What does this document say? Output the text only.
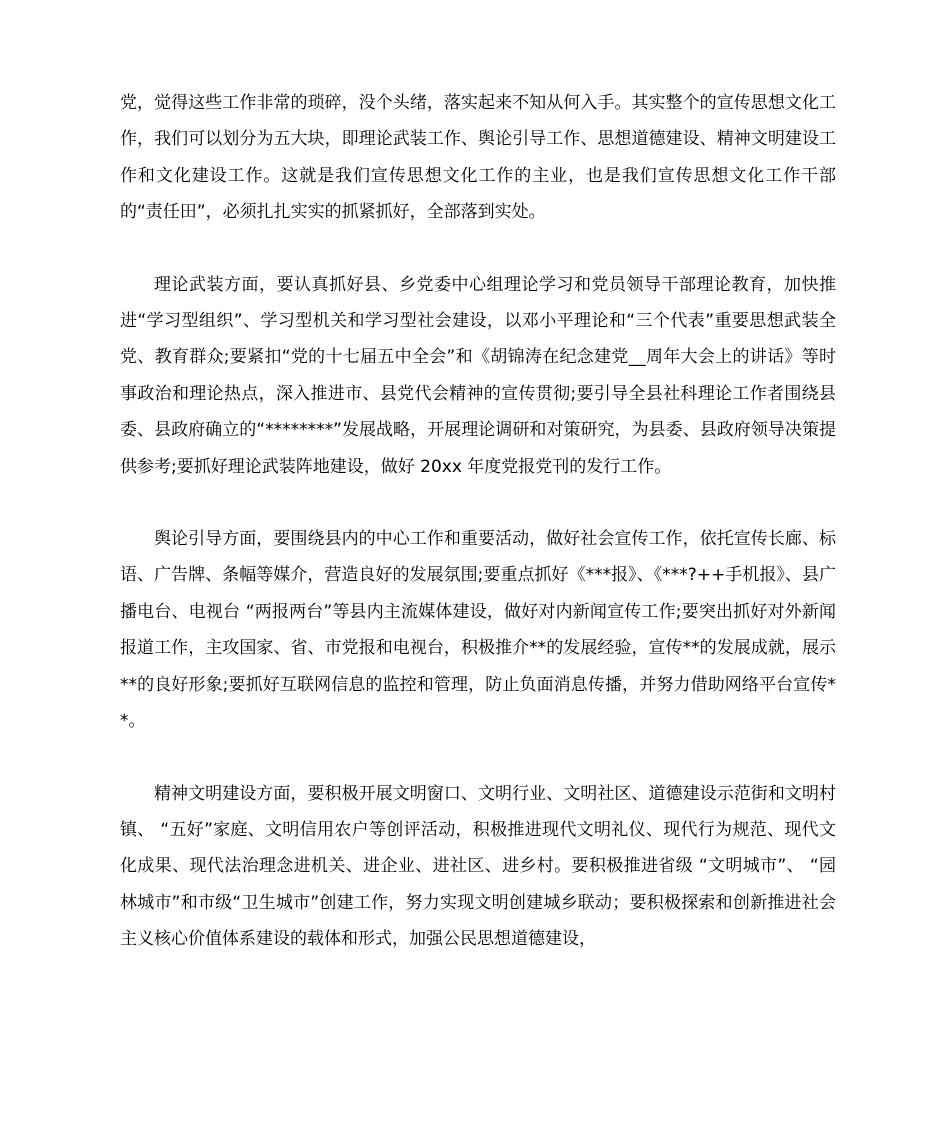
党，觉得这些工作非常的琐碎，没个头绪，落实起来不知从何入手。其实整个的宣传思想文化工作，我们可以划分为五大块，即理论武装工作、舆论引导工作、思想道德建设、精神文明建设工作和文化建设工作。这就是我们宣传思想文化工作的主业，也是我们宣传思想文化工作干部的“责任田”，必须扎扎实实的抓紧抓好，全部落到实处。

理论武装方面，要认真抓好县、乡党委中心组理论学习和党员领导干部理论教育，加快推进“学习型组织”、学习型机关和学习型社会建设，以邓小平理论和“三个代表”重要思想武装全党、教育群众;要紧扣“党的十七届五中全会”和《胡锦涛在纪念建党__周年大会上的讲话》等时事政治和理论热点，深入推进市、县党代会精神的宣传贯彻;要引导全县社科理论工作者围绕县委、县政府确立的“********”发展战略，开展理论调研和对策研究，为县委、县政府领导决策提供参考;要抓好理论武装阵地建设，做好 20xx 年度党报党刊的发行工作。

舆论引导方面，要围绕县内的中心工作和重要活动，做好社会宣传工作，依托宣传长廊、标语、广告牌、条幅等媒介，营造良好的发展氛围;要重点抓好《***报》、《***?++手机报》、县广播电台、电视台 “两报两台”等县内主流媒体建设，做好对内新闻宣传工作;要突出抓好对外新闻报道工作，主攻国家、省、市党报和电视台，积极推介**的发展经验，宣传**的发展成就，展示**的良好形象;要抓好互联网信息的监控和管理，防止负面消息传播，并努力借助网络平台宣传**。

精神文明建设方面，要积极开展文明窗口、文明行业、文明社区、道德建设示范街和文明村镇、 “五好”家庭、文明信用农户等创评活动，积极推进现代文明礼仪、现代行为规范、现代文化成果、现代法治理念进机关、进企业、进社区、进乡村。要积极推进省级 “文明城市”、 “园林城市”和市级“卫生城市”创建工作，努力实现文明创建城乡联动；要积极探索和创新推进社会主义核心价值体系建设的载体和形式，加强公民思想道德建设，
